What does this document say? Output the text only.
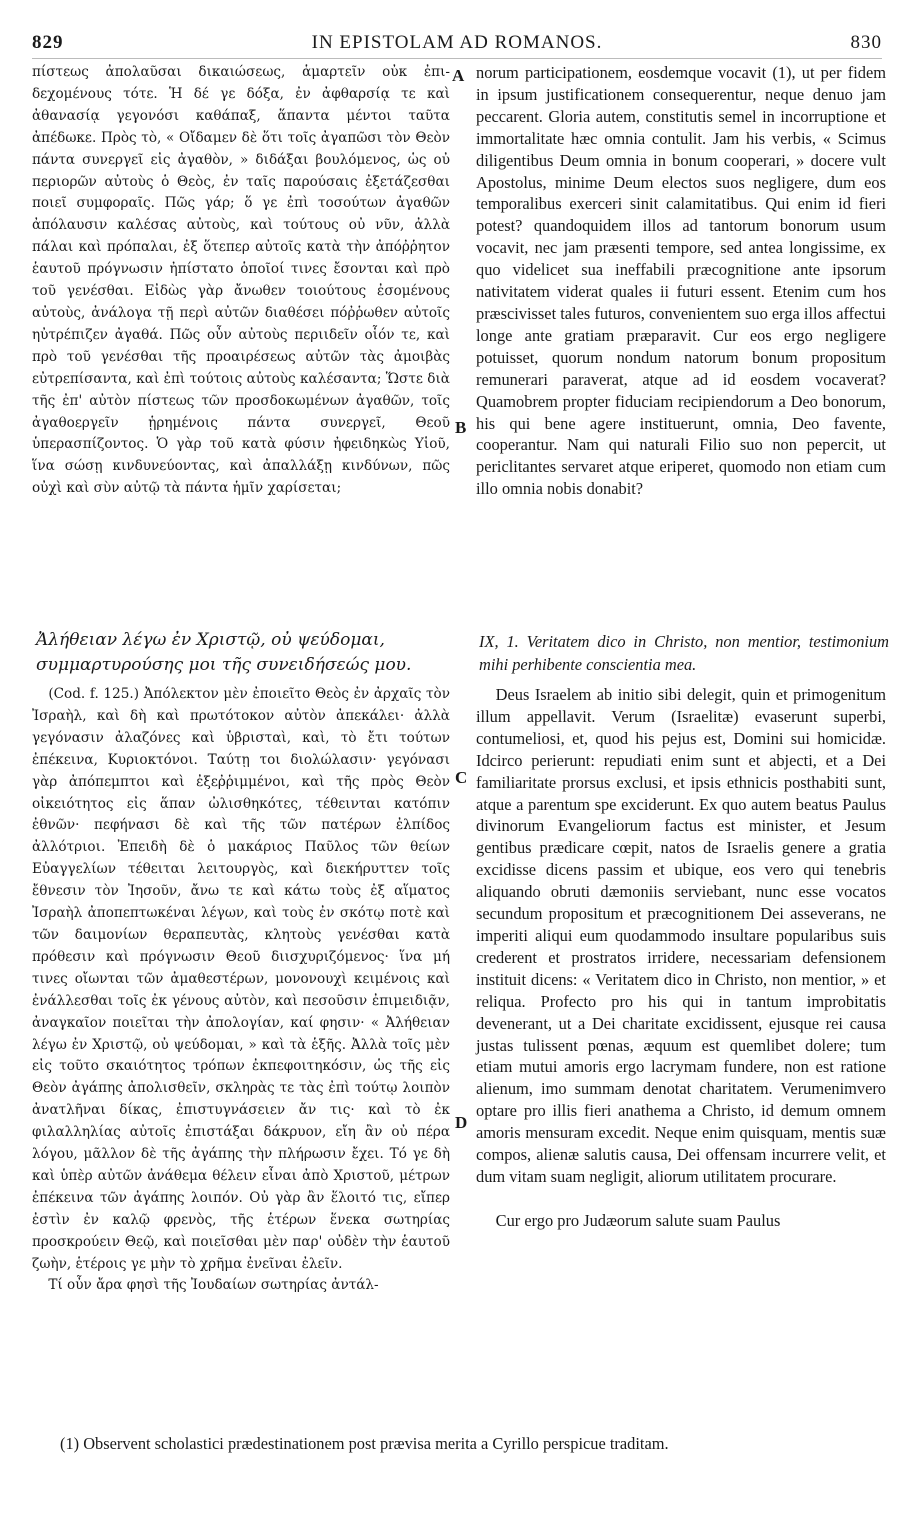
829	IN EPISTOLAM AD ROMANOS.	830

πίστεως ἀπολαῦσαι δικαιώσεως, ἁμαρτεῖν οὐκ ἐπι-δεχομένους τότε. Ἡ δέ γε δόξα, ἐν ἀφθαρσίᾳ τε καὶ ἀθανασίᾳ γεγονόσι καθάπαξ, ἅπαντα μέντοι ταῦτα ἀπέδωκε. Πρὸς τὸ, « Οἴδαμεν δὲ ὅτι τοῖς ἀγαπῶσι τὸν Θεὸν πάντα συνεργεῖ εἰς ἀγαθὸν, » διδάξαι βουλόμενος, ὡς οὐ περιορῶν αὐτοὺς ὁ Θεὸς, ἐν ταῖς παρούσαις ἐξετάζεσθαι ποιεῖ συμφοραῖς. Πῶς γάρ; ὅ γε ἐπὶ τοσούτων ἀγαθῶν ἀπόλαυσιν καλέσας αὐτοὺς, καὶ τούτους οὐ νῦν, ἀλλὰ πάλαι καὶ πρόπαλαι, ἐξ ὅτεπερ αὐτοῖς κατὰ τὴν ἀπόῤῥητον ἑαυτοῦ πρόγνωσιν ἠπίστατο ὁποῖοί τινες ἔσονται καὶ πρὸ τοῦ γενέσθαι. Εἰδὼς γὰρ ἄνωθεν τοιούτους ἐσομένους αὐτοὺς, ἀνάλογα τῇ περὶ αὐτῶν διαθέσει πόῤῥωθεν αὐτοῖς ηὐτρέπιζεν ἀγαθά. Πῶς οὖν αὐτοὺς περιιδεῖν οἷόν τε, καὶ πρὸ τοῦ γενέσθαι τῆς προαιρέσεως αὐτῶν τὰς ἀμοιβὰς εὐτρεπίσαντα, καὶ ἐπὶ τούτοις αὐτοὺς καλέσαντα; Ὥστε διὰ τῆς ἐπ' αὐτὸν πίστεως τῶν προσδοκωμένων ἀγαθῶν, τοῖς ἀγαθοεργεῖν ᾑρημένοις πάντα συνεργεῖ, Θεοῦ ὑπερασπίζοντος. Ὁ γὰρ τοῦ κατὰ φύσιν ἠφειδηκὼς Υἱοῦ, ἵνα σώσῃ κινδυνεύοντας, καὶ ἀπαλλάξῃ κινδύνων, πῶς οὐχὶ καὶ σὺν αὐτῷ τὰ πάντα ἡμῖν χαρίσεται;

norum participationem, eosdemque vocavit (1), ut per fidem in ipsum justificationem consequerentur, neque denuo jam peccarent. Gloria autem, constitutis semel in incorruptione et immortalitate hæc omnia contulit. Jam his verbis, « Scimus diligentibus Deum omnia in bonum cooperari, » docere vult Apostolus, minime Deum electos suos negligere, dum eos temporalibus exerceri sinit calamitatibus. Qui enim id fieri potest? quandoquidem illos ad tantorum bonorum usum vocavit, nec jam præsenti tempore, sed antea longissime, ex quo videlicet sua ineffabili præcognitione ante ipsorum nativitatem viderat quales ii futuri essent. Etenim cum hos præscivisset tales futuros, convenientem suo erga illos affectui longe ante gratiam præparavit. Cur eos ergo negligere potuisset, quorum nondum natorum bonum propositum remunerari paraverat, atque ad id eosdem vocaverat? Quamobrem propter fiduciam recipiendorum a Deo bonorum, his qui bene agere instituerunt, omnia, Deo favente, cooperantur. Nam qui naturali Filio suo non pepercit, ut periclitantes servaret atque eriperet, quomodo non etiam cum illo omnia nobis donabit?

A
B
C
D
Ἀλήθειαν λέγω ἐν Χριστῷ, οὐ ψεύδομαι, συμμαρτυρούσης μοι τῆς συνειδήσεώς μου.
IX, 1. Veritatem dico in Christo, non mentior, testimonium mihi perhibente conscientia mea.

(Cod. f. 125.) Ἀπόλεκτον μὲν ἐποιεῖτο Θεὸς ἐν ἀρχαῖς τὸν Ἰσραὴλ, καὶ δὴ καὶ πρωτότοκον αὐτὸν ἀπεκάλει· ἀλλὰ γεγόνασιν ἀλαζόνες καὶ ὑβρισταὶ, καὶ, τὸ ἔτι τούτων ἐπέκεινα, Κυριοκτόνοι. Ταύτῃ τοι διολώλασιν· γεγόνασι γὰρ ἀπόπεμπτοι καὶ ἐξεῤῥιμμένοι, καὶ τῆς πρὸς Θεὸν οἰκειότητος εἰς ἅπαν ὠλισθηκότες, τέθεινται κατόπιν ἐθνῶν· πεφήνασι δὲ καὶ τῆς τῶν πατέρων ἐλπίδος ἀλλότριοι. Ἐπειδὴ δὲ ὁ μακάριος Παῦλος τῶν θείων Εὐαγγελίων τέθειται λειτουργὸς, καὶ διεκήρυττεν τοῖς ἔθνεσιν τὸν Ἰησοῦν, ἄνω τε καὶ κάτω τοὺς ἐξ αἵματος Ἰσραὴλ ἀποπεπτωκέναι λέγων, καὶ τοὺς ἐν σκότῳ ποτὲ καὶ τῶν δαιμονίων θεραπευτὰς, κλητοὺς γενέσθαι κατὰ πρόθεσιν καὶ πρόγνωσιν Θεοῦ διισχυριζόμενος· ἵνα μή τινες οἴωνται τῶν ἀμαθεστέρων, μονονουχὶ κειμένοις καὶ ἐνάλλεσθαι τοῖς ἐκ γένους αὐτὸν, καὶ πεσοῦσιν ἐπιμειδιᾷν, ἀναγκαῖον ποιεῖται τὴν ἀπολογίαν, καί φησιν· « Ἀλήθειαν λέγω ἐν Χριστῷ, οὐ ψεύδομαι, » καὶ τὰ ἑξῆς. Ἀλλὰ τοῖς μὲν εἰς τοῦτο σκαιότητος τρόπων ἐκπεφοιτηκόσιν, ὡς τῆς εἰς Θεὸν ἀγάπης ἀπολισθεῖν, σκληρὰς τε τὰς ἐπὶ τούτῳ λοιπὸν ἀνατλῆναι δίκας, ἐπιστυγνάσειεν ἄν τις· καὶ τὸ ἐκ φιλαλληλίας αὐτοῖς ἐπιστάξαι δάκρυον, εἴη ἂν οὐ πέρα λόγου, μᾶλλον δὲ τῆς ἀγάπης τὴν πλήρωσιν ἔχει. Τό γε δὴ καὶ ὑπὲρ αὐτῶν ἀνάθεμα θέλειν εἶναι ἀπὸ Χριστοῦ, μέτρων ἐπέκεινα τῶν ἀγάπης λοιπόν. Οὐ γὰρ ἂν ἕλοιτό τις, εἴπερ ἐστὶν ἐν καλῷ φρενὸς, τῆς ἑτέρων ἕνεκα σωτηρίας προσκρούειν Θεῷ, καὶ ποιεῖσθαι μὲν παρ' οὐδὲν τὴν ἑαυτοῦ ζωὴν, ἑτέροις γε μὴν τὸ χρῆμα ἐνεῖναι ἐλεῖν.

Τί οὖν ἄρα φησὶ τῆς Ἰουδαίων σωτηρίας ἀντάλ-

Deus Israelem ab initio sibi delegit, quin et primogenitum illum appellavit. Verum (Israelitæ) evaserunt superbi, contumeliosi, et, quod his pejus est, Domini sui homicidæ. Idcirco perierunt: repudiati enim sunt et abjecti, et a Dei familiaritate prorsus exclusi, et ipsis ethnicis posthabiti sunt, atque a parentum spe exciderunt. Ex quo autem beatus Paulus divinorum Evangeliorum factus est minister, et Jesum gentibus prædicare cœpit, natos de Israelis genere a gratia excidisse dicens passim et ubique, eos vero qui tenebris aliquando obruti dæmoniis serviebant, nunc esse vocatos secundum propositum et præcognitionem Dei asseverans, ne imperiti aliqui eum quodammodo insultare popularibus suis crederent et prostratos irridere, necessariam defensionem instituit dicens: « Veritatem dico in Christo, non mentior, » et reliqua. Profecto pro his qui in tantum improbitatis devenerant, ut a Dei charitate excidissent, ejusque rei causa justas tulissent pœnas, æquum est quemlibet dolere; tum etiam mutui amoris ergo lacrymam fundere, non est ratione alienum, imo summam denotat charitatem. Verumenimvero optare pro illis fieri anathema a Christo, id demum omnem amoris mensuram excedit. Neque enim quisquam, mentis suæ compos, alienæ salutis causa, Dei offensam incurrere velit, et dum vitam suam negligit, aliorum utilitatem procurare.

Cur ergo pro Judæorum salute suam Paulus

(1) Observent scholastici prædestinationem post prævisa merita a Cyrillo perspicue traditam.
